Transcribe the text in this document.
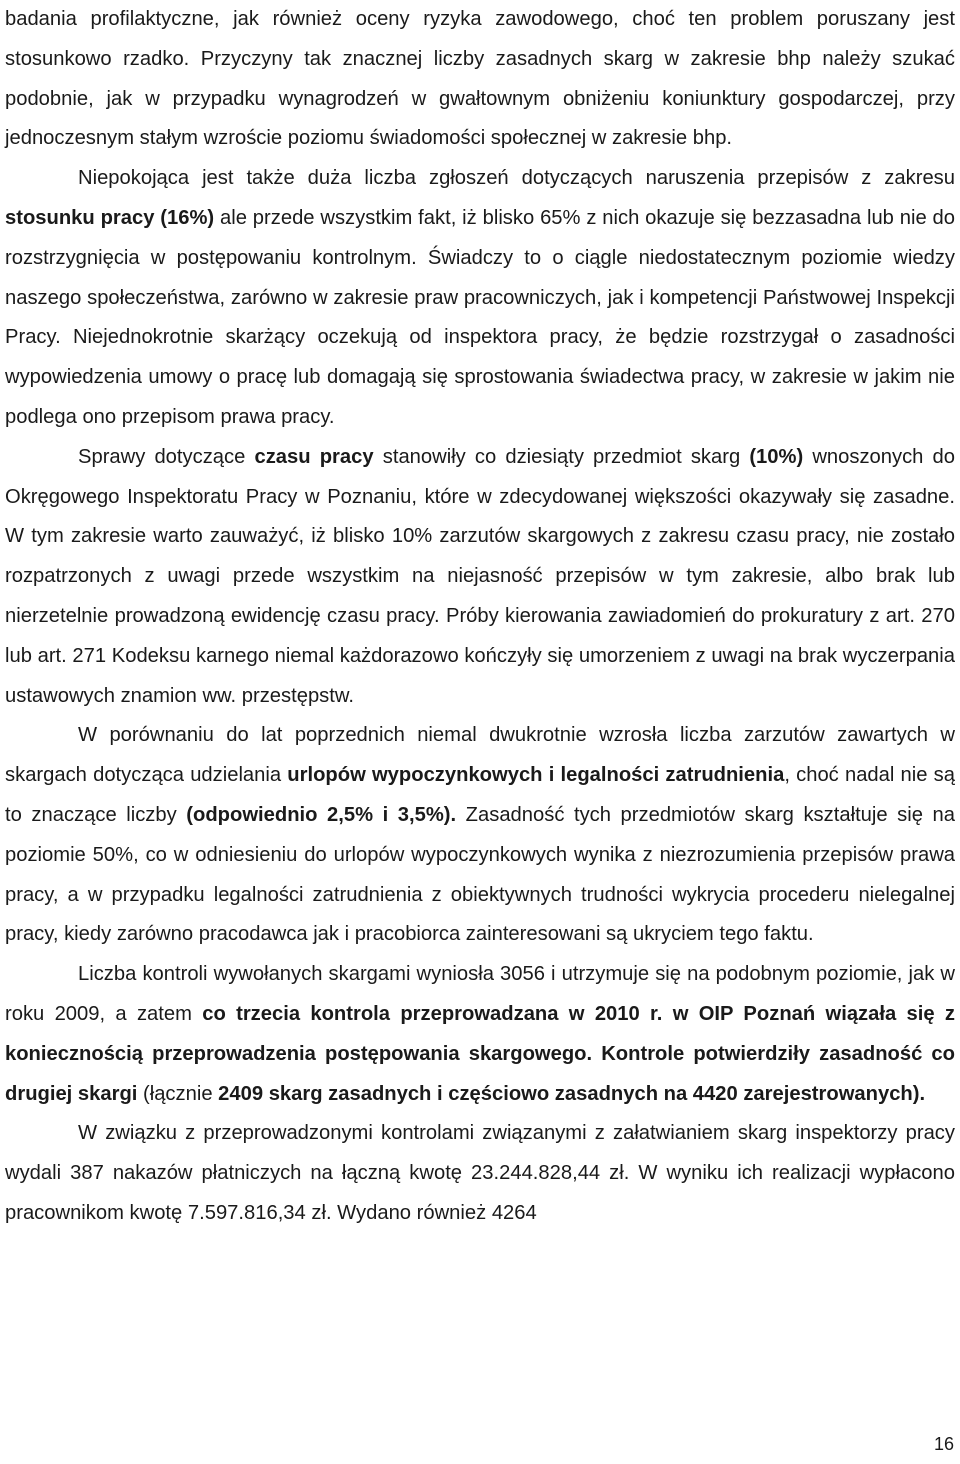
badania profilaktyczne, jak również oceny ryzyka zawodowego, choć ten problem poruszany jest stosunkowo rzadko. Przyczyny tak znacznej liczby zasadnych skarg w zakresie bhp należy szukać podobnie, jak w przypadku wynagrodzeń w gwałtownym obniżeniu koniunktury gospodarczej, przy jednoczesnym stałym wzroście poziomu świadomości społecznej w zakresie bhp.

Niepokojąca jest także duża liczba zgłoszeń dotyczących naruszenia przepisów z zakresu stosunku pracy (16%) ale przede wszystkim fakt, iż blisko 65% z nich okazuje się bezzasadna lub nie do rozstrzygnięcia w postępowaniu kontrolnym. Świadczy to o ciągle niedostatecznym poziomie wiedzy naszego społeczeństwa, zarówno w zakresie praw pracowniczych, jak i kompetencji Państwowej Inspekcji Pracy. Niejednokrotnie skarżący oczekują od inspektora pracy, że będzie rozstrzygał o zasadności wypowiedzenia umowy o pracę lub domagają się sprostowania świadectwa pracy, w zakresie w jakim nie podlega ono przepisom prawa pracy.

Sprawy dotyczące czasu pracy stanowiły co dziesiąty przedmiot skarg (10%) wnoszonych do Okręgowego Inspektoratu Pracy w Poznaniu, które w zdecydowanej większości okazywały się zasadne. W tym zakresie warto zauważyć, iż blisko 10% zarzutów skargowych z zakresu czasu pracy, nie zostało rozpatrzonych z uwagi przede wszystkim na niejasność przepisów w tym zakresie, albo brak lub nierzetelnie prowadzoną ewidencję czasu pracy. Próby kierowania zawiadomień do prokuratury z art. 270 lub art. 271 Kodeksu karnego niemal każdorazowo kończyły się umorzeniem z uwagi na brak wyczerpania ustawowych znamion ww. przestępstw.

W porównaniu do lat poprzednich niemal dwukrotnie wzrosła liczba zarzutów zawartych w skargach dotycząca udzielania urlopów wypoczynkowych i legalności zatrudnienia, choć nadal nie są to znaczące liczby (odpowiednio 2,5% i 3,5%). Zasadność tych przedmiotów skarg kształtuje się na poziomie 50%, co w odniesieniu do urlopów wypoczynkowych wynika z niezrozumienia przepisów prawa pracy, a w przypadku legalności zatrudnienia z obiektywnych trudności wykrycia procederu nielegalnej pracy, kiedy zarówno pracodawca jak i pracobiorca zainteresowani są ukryciem tego faktu.

Liczba kontroli wywołanych skargami wyniosła 3056 i utrzymuje się na podobnym poziomie, jak w roku 2009, a zatem co trzecia kontrola przeprowadzana w 2010 r. w OIP Poznań wiązała się z koniecznością przeprowadzenia postępowania skargowego. Kontrole potwierdziły zasadność co drugiej skargi (łącznie 2409 skarg zasadnych i częściowo zasadnych na 4420 zarejestrowanych).

W związku z przeprowadzonymi kontrolami związanymi z załatwianiem skarg inspektorzy pracy wydali 387 nakazów płatniczych na łączną kwotę 23.244.828,44 zł. W wyniku ich realizacji wypłacono pracownikom kwotę 7.597.816,34 zł. Wydano również 4264

16
